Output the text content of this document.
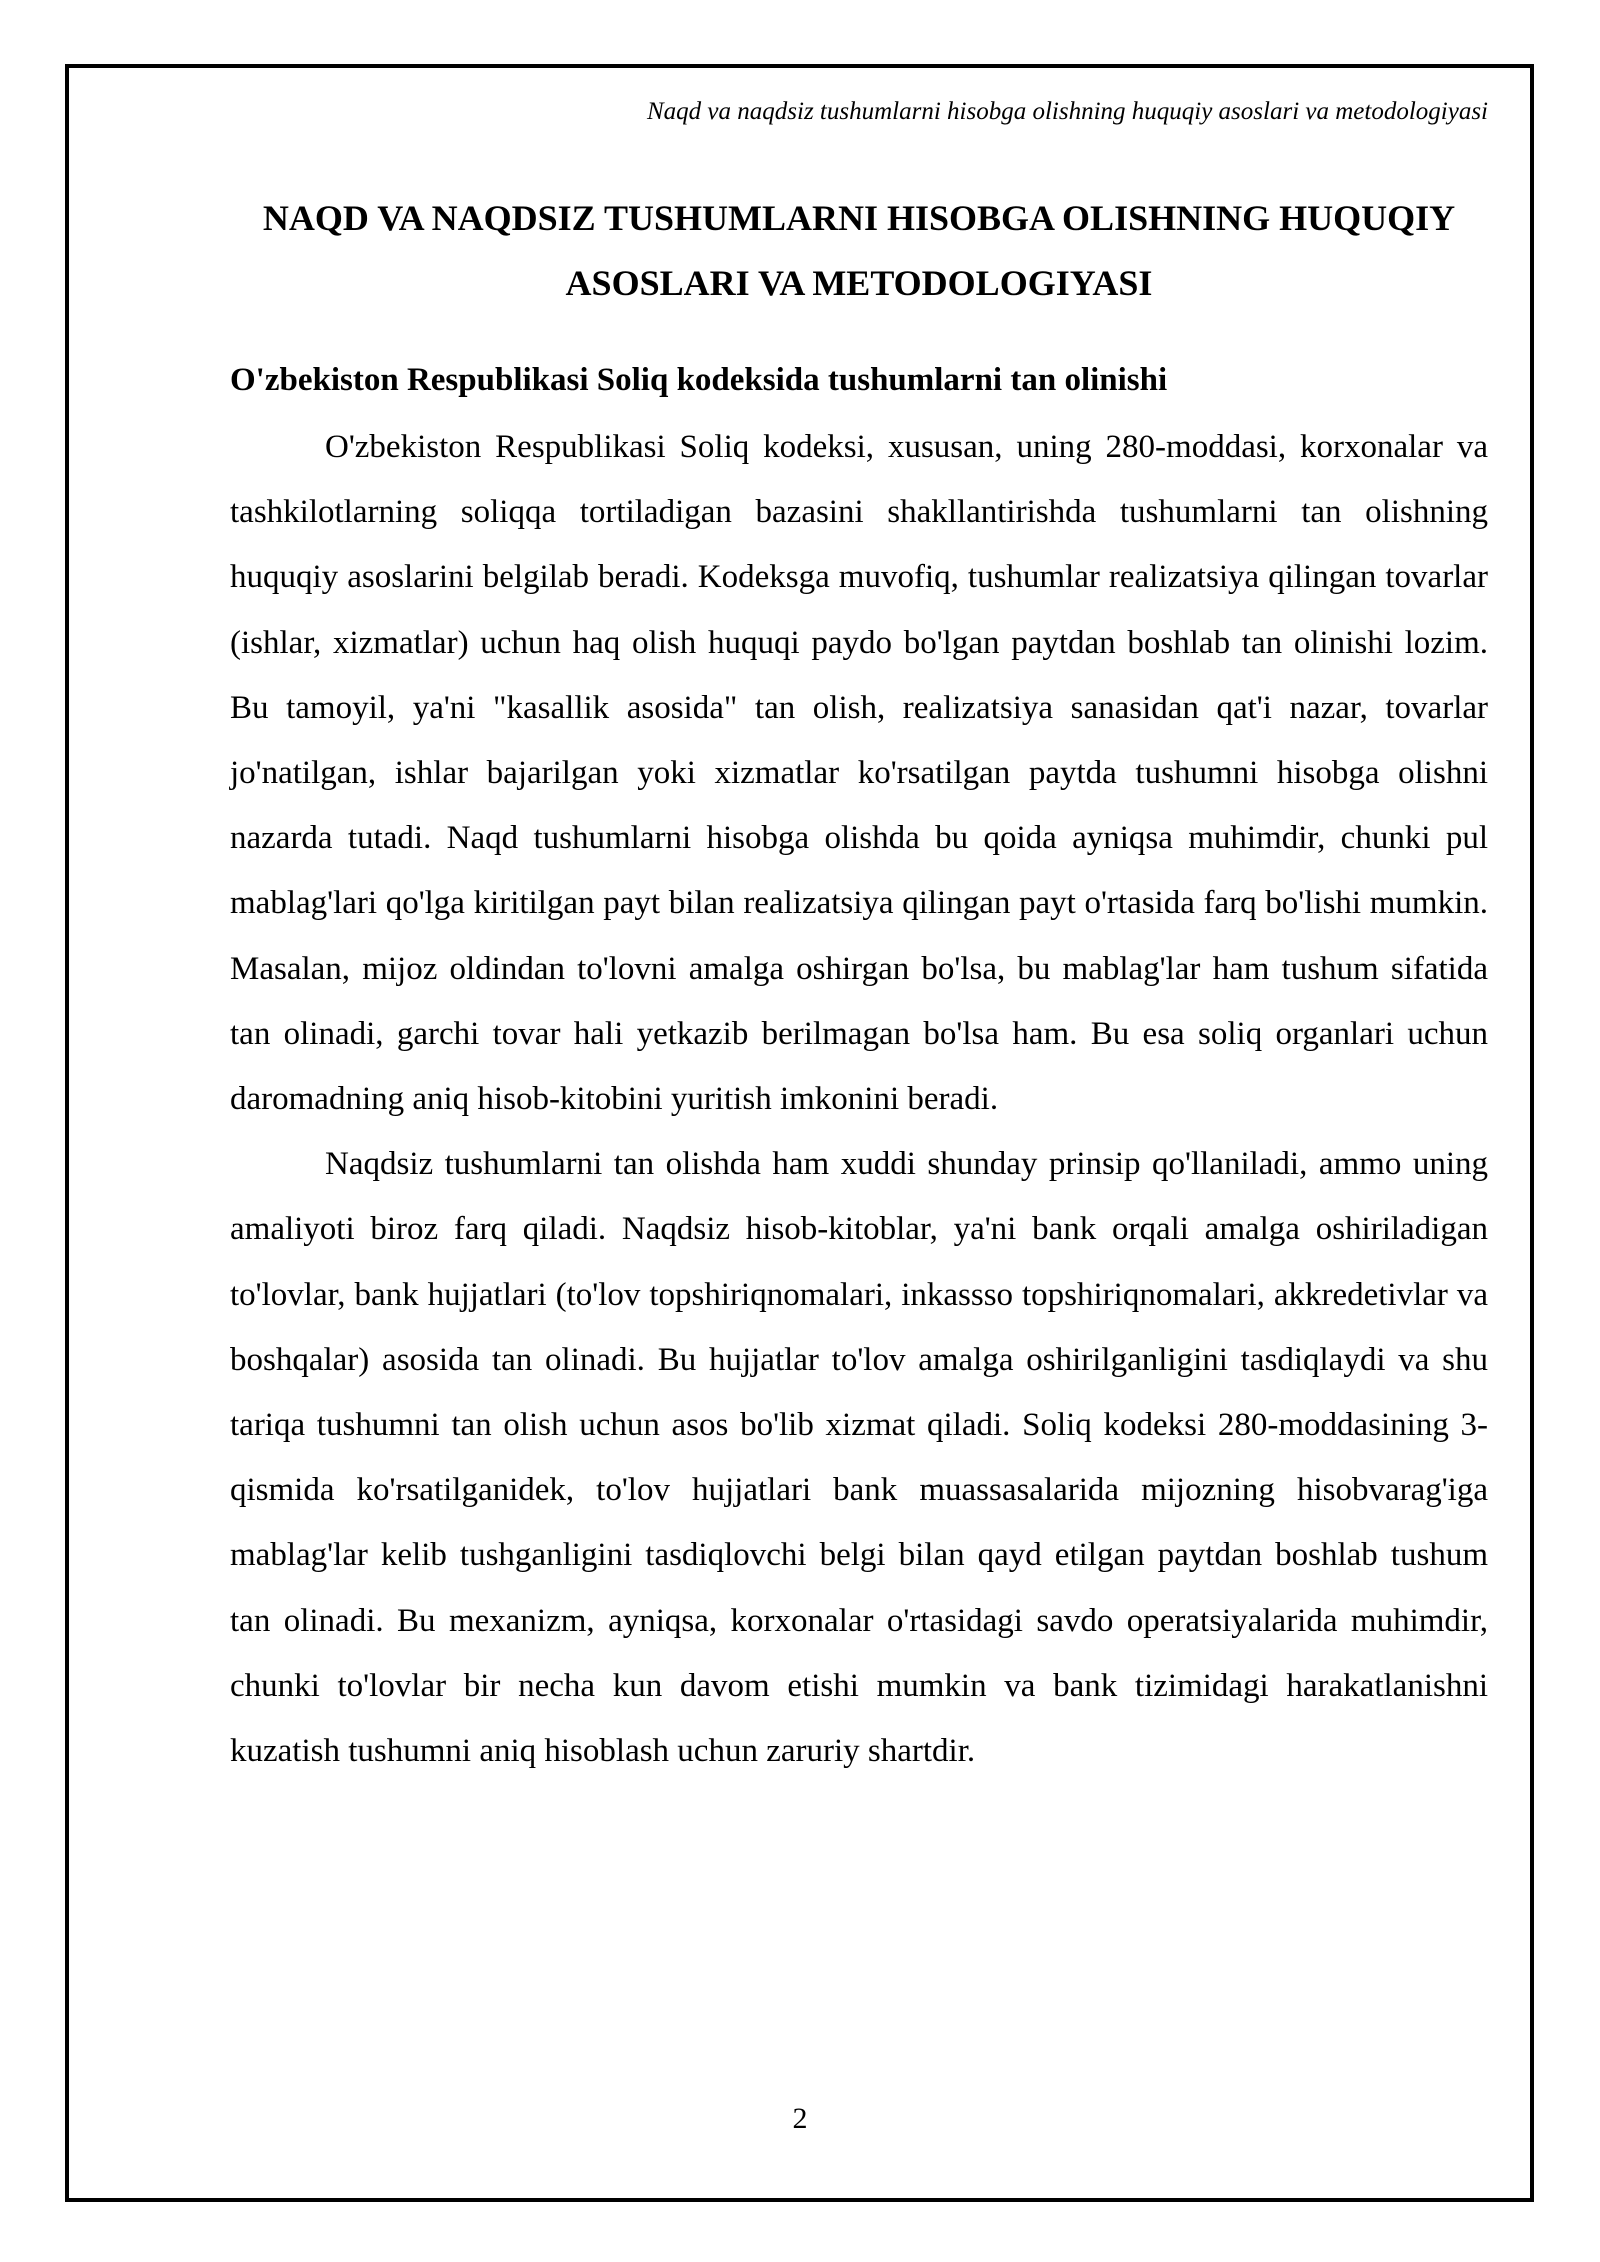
Naqd va naqdsiz tushumlarni hisobga olishning huquqiy asoslari va metodologiyasi
NAQD VA NAQDSIZ TUSHUMLARNI HISOBGA OLISHNING HUQUQIY ASOSLARI VA METODOLOGIYASI
O'zbekiston Respublikasi Soliq kodeksida tushumlarni tan olinishi

O'zbekiston Respublikasi Soliq kodeksi, xususan, uning 280-moddasi, korxonalar va tashkilotlarning soliqqa tortiladigan bazasini shakllantirishda tushumlarni tan olishning huquqiy asoslarini belgilab beradi. Kodeksga muvofiq, tushumlar realizatsiya qilingan tovarlar (ishlar, xizmatlar) uchun haq olish huquqi paydo bo'lgan paytdan boshlab tan olinishi lozim. Bu tamoyil, ya'ni "kasallik asosida" tan olish, realizatsiya sanasidan qat'i nazar, tovarlar jo'natilgan, ishlar bajarilgan yoki xizmatlar ko'rsatilgan paytda tushumni hisobga olishni nazarda tutadi. Naqd tushumlarni hisobga olishda bu qoida ayniqsa muhimdir, chunki pul mablag'lari qo'lga kiritilgan payt bilan realizatsiya qilingan payt o'rtasida farq bo'lishi mumkin. Masalan, mijoz oldindan to'lovni amalga oshirgan bo'lsa, bu mablag'lar ham tushum sifatida tan olinadi, garchi tovar hali yetkazib berilmagan bo'lsa ham. Bu esa soliq organlari uchun daromadning aniq hisob-kitobini yuritish imkonini beradi.

Naqdsiz tushumlarni tan olishda ham xuddi shunday prinsip qo'llaniladi, ammo uning amaliyoti biroz farq qiladi. Naqdsiz hisob-kitoblar, ya'ni bank orqali amalga oshiriladigan to'lovlar, bank hujjatlari (to'lov topshiriqnomalari, inkassso topshiriqnomalari, akkredetivlar va boshqalar) asosida tan olinadi. Bu hujjatlar to'lov amalga oshirilganligini tasdiqlaydi va shu tariqa tushumni tan olish uchun asos bo'lib xizmat qiladi. Soliq kodeksi 280-moddasining 3-qismida ko'rsatilganidek, to'lov hujjatlari bank muassasalarida mijozning hisobvarag'iga mablag'lar kelib tushganligini tasdiqlovchi belgi bilan qayd etilgan paytdan boshlab tushum tan olinadi. Bu mexanizm, ayniqsa, korxonalar o'rtasidagi savdo operatsiyalarida muhimdir, chunki to'lovlar bir necha kun davom etishi mumkin va bank tizimidagi harakatlanishni kuzatish tushumni aniq hisoblash uchun zaruriy shartdir.

2
